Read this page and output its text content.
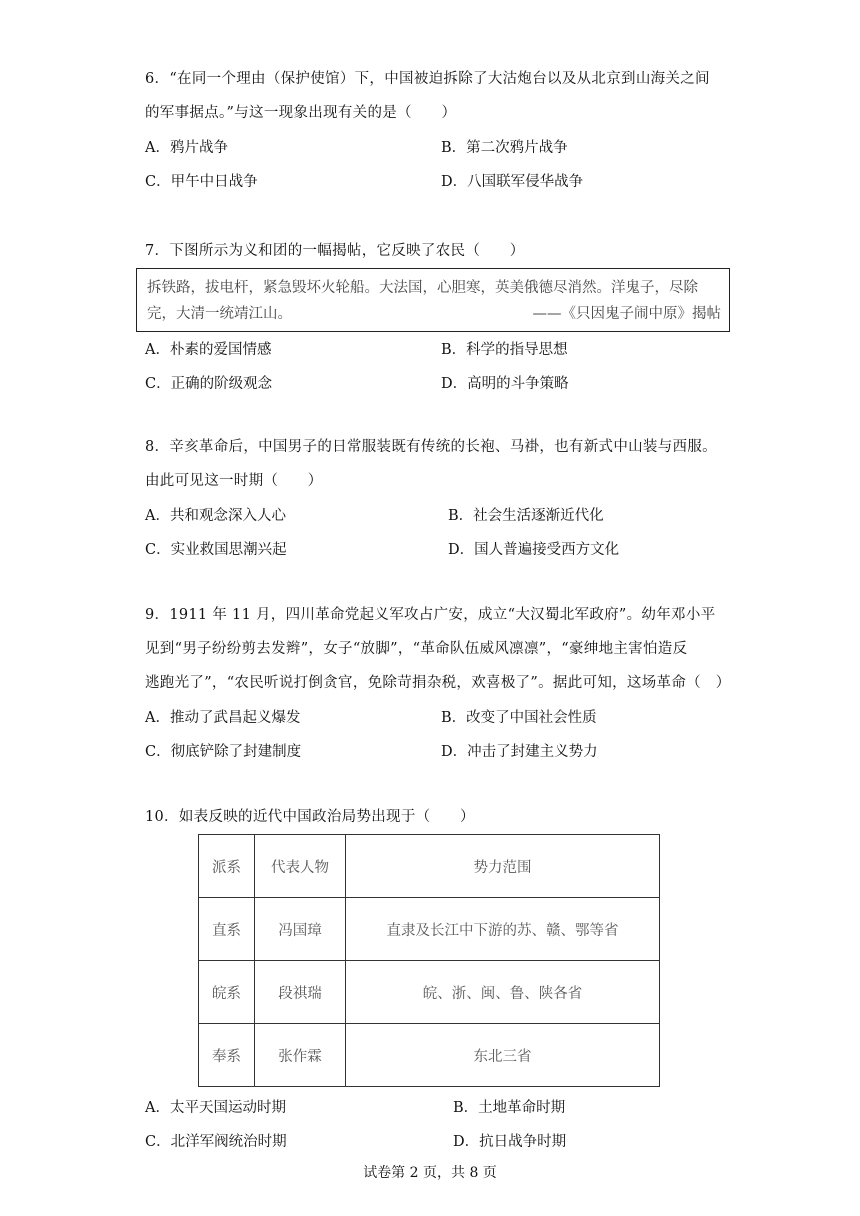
6．“在同一个理由（保护使馆）下，中国被迫拆除了大沽炮台以及从北京到山海关之间
的军事据点。”与这一现象出现有关的是（　　）
A．鸦片战争	B．第二次鸦片战争
C．甲午中日战争	D．八国联军侵华战争
7．下图所示为义和团的一幅揭帖，它反映了农民（　　）
拆铁路，拔电杆，紧急毁坏火轮船。大法国，心胆寒，英美俄德尽消然。洋鬼子，尽除
完，大清一统靖江山。	——《只因鬼子闹中原》揭帖
A．朴素的爱国情感	B．科学的指导思想
C．正确的阶级观念	D．高明的斗争策略
8．辛亥革命后，中国男子的日常服装既有传统的长袍、马褂，也有新式中山装与西服。
由此可见这一时期（　　）
A．共和观念深入人心	B．社会生活逐渐近代化
C．实业救国思潮兴起	D．国人普遍接受西方文化
9．1911 年 11 月，四川革命党起义军攻占广安，成立“大汉蜀北军政府”。幼年邓小平
见到“男子纷纷剪去发辫”，女子“放脚”，“革命队伍威风凛凛”，“豪绅地主害怕造反
逃跑光了”，“农民听说打倒贪官，免除苛捐杂税，欢喜极了”。据此可知，这场革命（　）
A．推动了武昌起义爆发	B．改变了中国社会性质
C．彻底铲除了封建制度	D．冲击了封建主义势力
10．如表反映的近代中国政治局势出现于（　　）
派系	代表人物	势力范围
直系	冯国璋	直隶及长江中下游的苏、赣、鄂等省
皖系	段祺瑞	皖、浙、闽、鲁、陕各省
奉系	张作霖	东北三省
A．太平天国运动时期	B．土地革命时期
C．北洋军阀统治时期	D．抗日战争时期
试卷第 2 页，共 8 页
